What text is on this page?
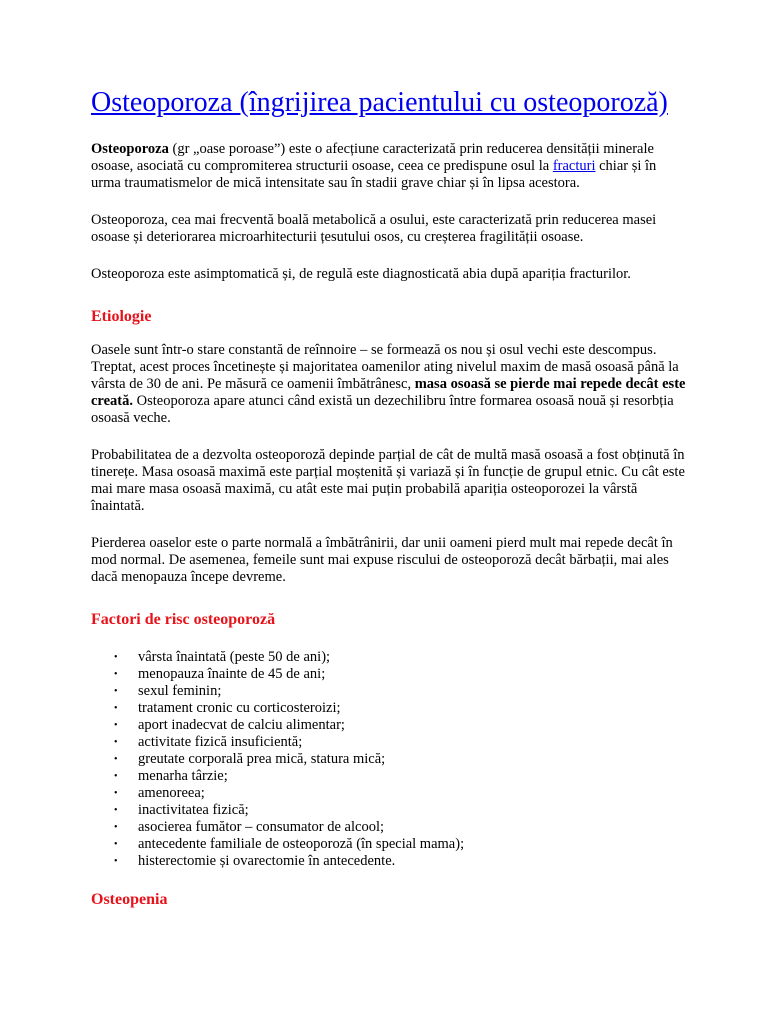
Osteoporoza (îngrijirea pacientului cu osteoporoză)

Osteoporoza (gr „oase poroase”) este o afecțiune caracterizată prin reducerea densității minerale osoase, asociată cu compromiterea structurii osoase, ceea ce predispune osul la fracturi chiar și în urma traumatismelor de mică intensitate sau în stadii grave chiar și în lipsa acestora.

Osteoporoza, cea mai frecventă boală metabolică a osului, este caracterizată prin reducerea masei osoase și deteriorarea microarhitecturii țesutului osos, cu creșterea fragilității osoase.

Osteoporoza este asimptomatică și, de regulă este diagnosticată abia după apariția fracturilor.

Etiologie

Oasele sunt într-o stare constantă de reînnoire – se formează os nou și osul vechi este descompus. Treptat, acest proces încetinește și majoritatea oamenilor ating nivelul maxim de masă osoasă până la vârsta de 30 de ani. Pe măsură ce oamenii îmbătrânesc, masa osoasă se pierde mai repede decât este creată. Osteoporoza apare atunci când există un dezechilibru între formarea osoasă nouă și resorbția osoasă veche.

Probabilitatea de a dezvolta osteoporoză depinde parțial de cât de multă masă osoasă a fost obținută în tinerețe. Masa osoasă maximă este parțial moștenită și variază și în funcție de grupul etnic. Cu cât este mai mare masa osoasă maximă, cu atât este mai puțin probabilă apariția osteoporozei la vârstă înaintată.

Pierderea oaselor este o parte normală a îmbătrânirii, dar unii oameni pierd mult mai repede decât în mod normal. De asemenea, femeile sunt mai expuse riscului de osteoporoză decât bărbații, mai ales dacă menopauza începe devreme.

Factori de risc osteoporoză
• vârsta înaintată (peste 50 de ani);
• menopauza înainte de 45 de ani;
• sexul feminin;
• tratament cronic cu corticosteroizi;
• aport inadecvat de calciu alimentar;
• activitate fizică insuficientă;
• greutate corporală prea mică, statura mică;
• menarha târzie;
• amenoreea;
• inactivitatea fizică;
• asocierea fumător – consumator de alcool;
• antecedente familiale de osteoporoză (în special mama);
• histerectomie și ovarectomie în antecedente.
Osteopenia
